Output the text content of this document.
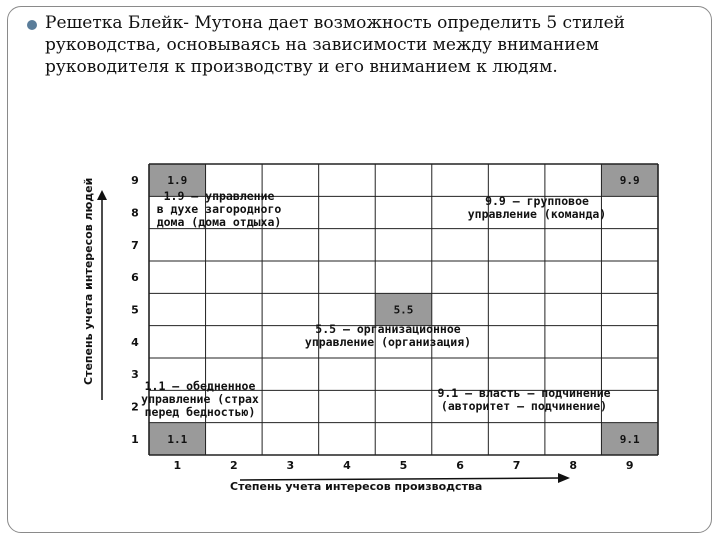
Решетка Блейк- Мутона дает возможность определить 5 стилей руководства, основываясь на зависимости между вниманием руководителя к производству и его вниманием к людям.

1	2	3	4	5	6	7	8	9
1
2
3
4
5
6
7
8
9
1.9 — управление
в духе загородного
дома (дома отдыха)
9.9 — групповое
управление (команда)
5.5 — организационное
управление (организация)
1.1 — обедненное
управление (страх
перед бедностью)
9.1 — власть — подчинение
(авторитет — подчинение)
1.9	9.9
5.5
1.1	9.1
Степень учета интересов производства
Степень учета интересов людей
